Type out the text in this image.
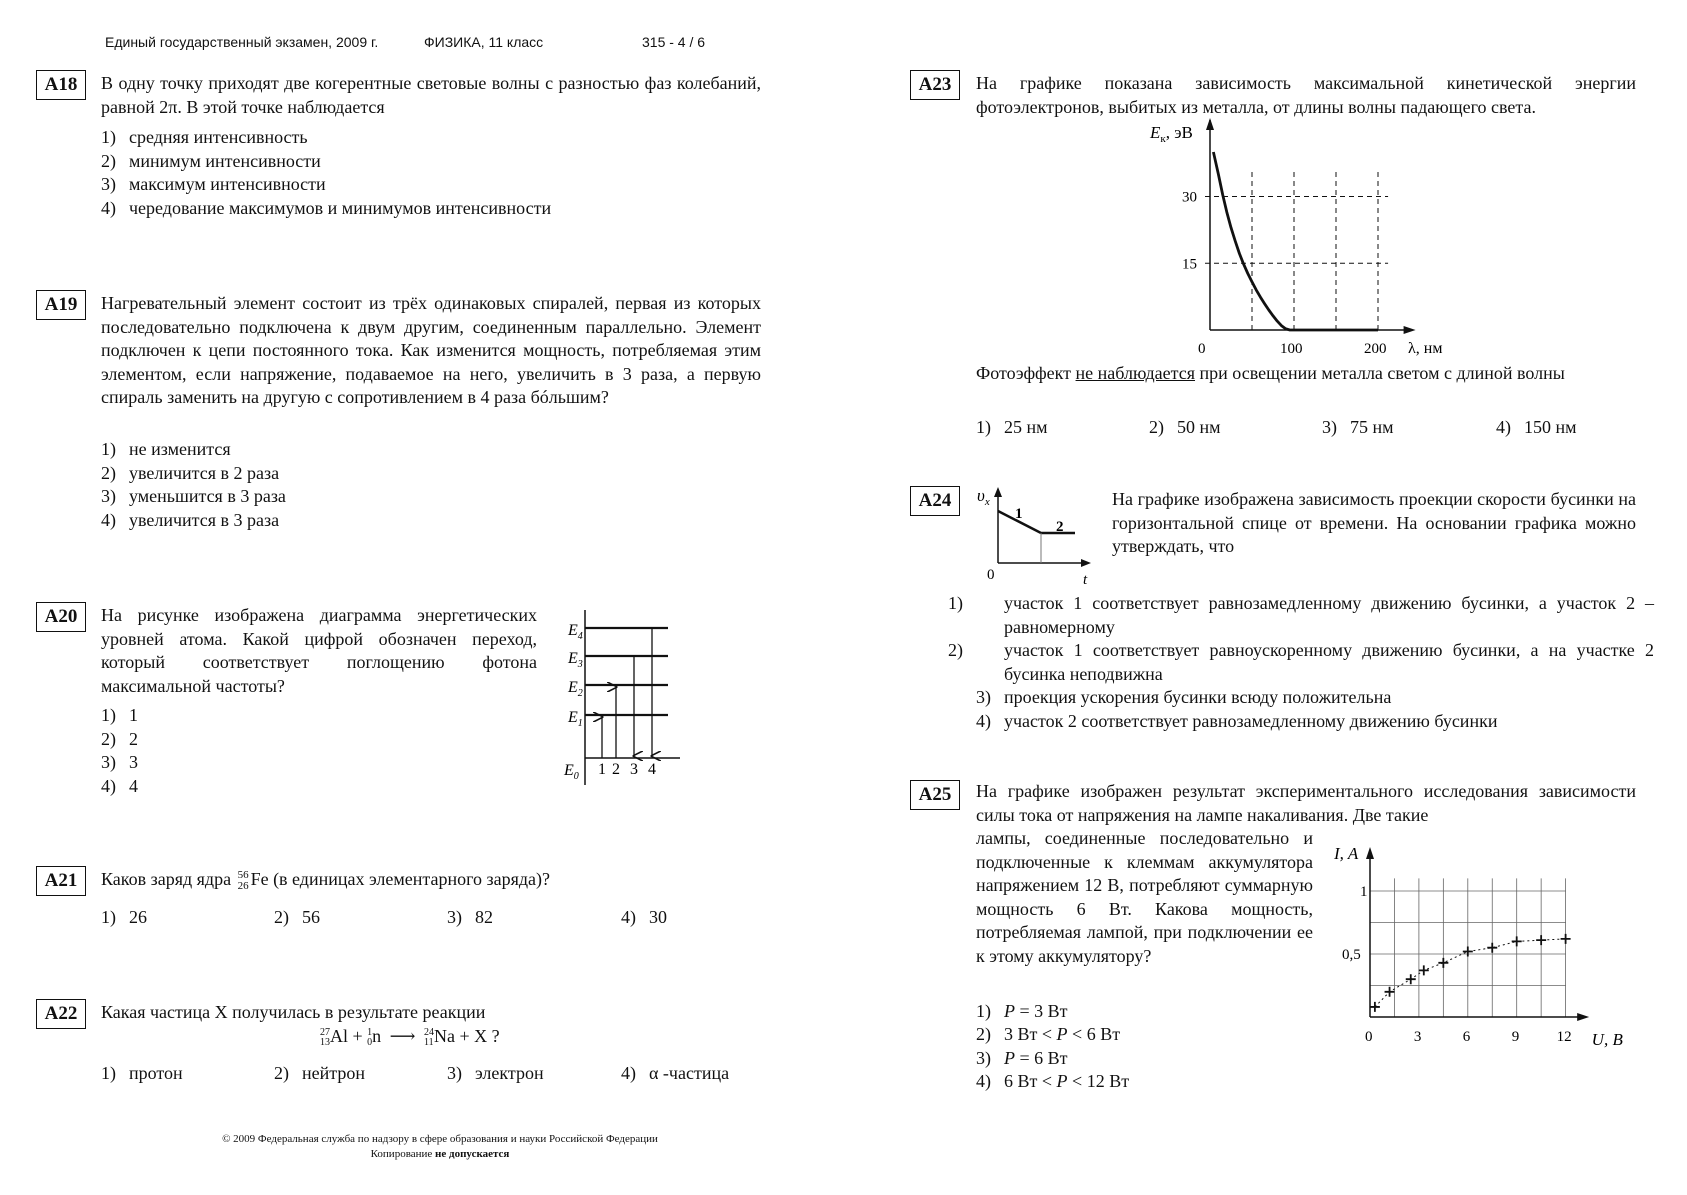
Единый государственный экзамен, 2009 г.	ФИЗИКА, 11 класс	315 - 4 / 6
A18	В одну точку приходят две когерентные световые волны с разностью фаз колебаний, равной 2π. В этой точке наблюдается
1) средняя интенсивность
2) минимум интенсивности
3) максимум интенсивности
4) чередование максимумов и минимумов интенсивности
A19	Нагревательный элемент состоит из трёх одинаковых спиралей, первая из которых последовательно подключена к двум другим, соединенным параллельно. Элемент подключен к цепи постоянного тока. Как изменится мощность, потребляемая этим элементом, если напряжение, подаваемое на него, увеличить в 3 раза, а первую спираль заменить на другую с сопротивлением в 4 раза бóльшим?
1) не изменится
2) увеличится в 2 раза
3) уменьшится в 3 раза
4) увеличится в 3 раза
A20	На рисунке изображена диаграмма энергетических уровней атома. Какой цифрой обозначен переход, который соответствует поглощению фотона максимальной частоты?
1) 1
2) 2
3) 3
4) 4
$E_4$
$E_3$
$E_2$
$E_1$
$E_0$ 1 2 3 4
A21	Каков заряд ядра 56
26 Fe (в единицах элементарного заряда)?
1) 26	2) 56	3) 82	4) 30
A22	Какая частица X получилась в результате реакции
27
13 Al + 1
0 n ⟶ 24
11 Na + X ?
1) протон	2) нейтрон	3) электрон	4) α -частица
© 2009 Федеральная служба по надзору в сфере образования и науки Российской Федерации
Копирование не допускается
A23	На графике показана зависимость максимальной кинетической энергии фотоэлектронов, выбитых из металла, от длины волны падающего света.
30
15
0	100	200 λ, нм
$E_к$, эВ
Фотоэффект не наблюдается при освещении металла светом с длиной волны
1) 25 нм	2) 50 нм	3) 75 нм	4) 150 нм
A24	$\upsilon_x$
1
2
0	t
На графике изображена зависимость проекции скорости бусинки на горизонтальной спице от времени. На основании графика можно утверждать, что
1) участок 1 соответствует равнозамедленному движению бусинки, а участок 2 – равномерному
2) участок 1 соответствует равноускоренному движению бусинки, а на участке 2 бусинка неподвижна
3) проекция ускорения бусинки всюду положительна
4) участок 2 соответствует равнозамедленному движению бусинки
A25	На графике изображен результат экспериментального исследования зависимости силы тока от напряжения на лампе накаливания. Две такие
лампы, соединенные последовательно и подключенные к клеммам аккумулятора напряжением 12 В, потребляют суммарную мощность 6 Вт. Какова мощность, потребляемая лампой, при подключении ее к этому аккумулятору?
1) P = 3 Вт
2) 3 Вт < P < 6 Вт
3) P = 6 Вт
4) 6 Вт < P < 12 Вт
I, A
U, В
1
0,5
0	3	6	9 12
